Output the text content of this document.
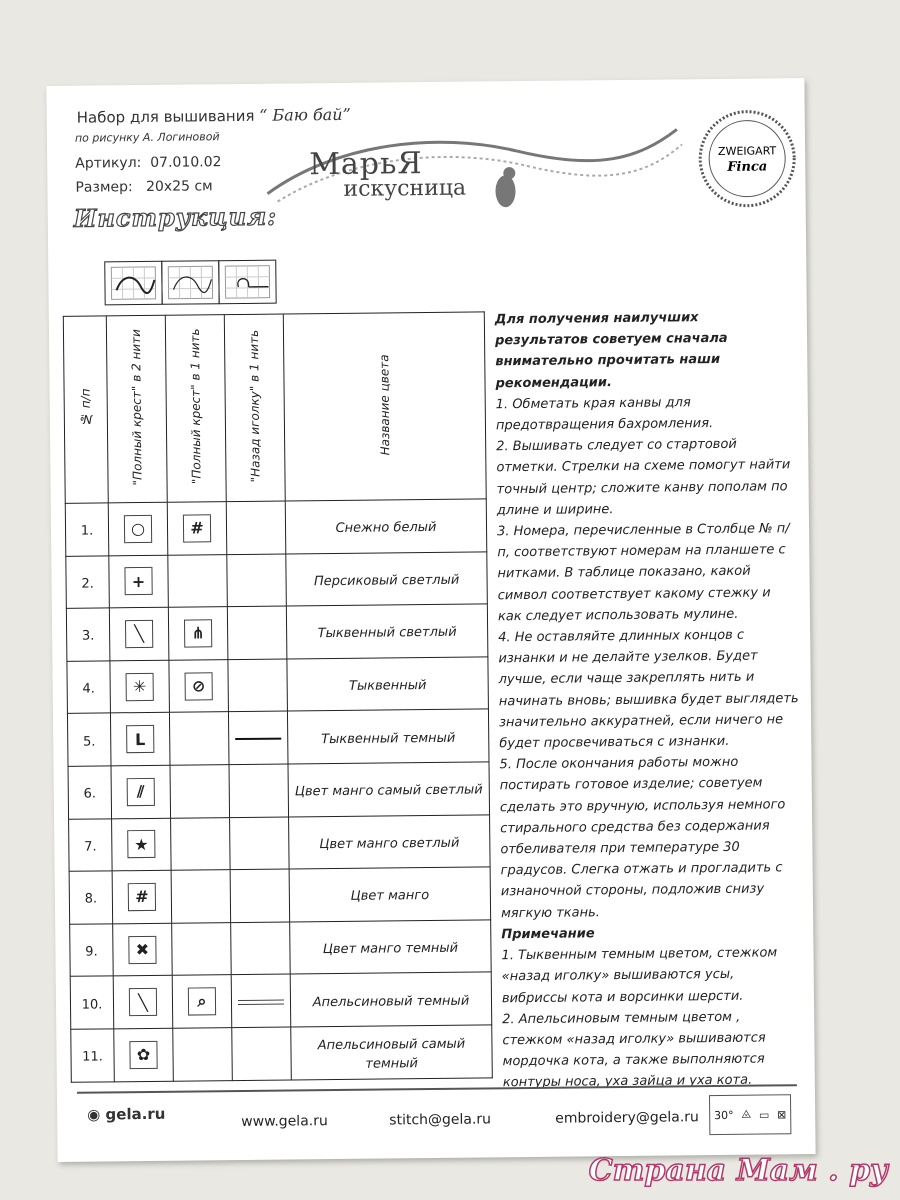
Набор для вышивания “ Баю бай”
по рисунку А. Логиновой
Артикул: 07.010.02
Размер: 20x25 см
МарьЯ
искусница
ZWEIGART
Finca
Инструкция:
№ п/п	"Полный крест" в 2 нити	"Полный крест" в 1 нить	"Назад иголку" в 1 нить	Название цвета
1.	○	#		Снежно белый
2.	+			Персиковый светлый
3.	╲	⋔		Тыквенный светлый
4.	✳	⊘		Тыквенный
5.	L			Тыквенный темный
6.	⫽			Цвет манго самый светлый
7.	★			Цвет манго светлый
8.	#			Цвет манго
9.	✖			Цвет манго темный
10.	╲	⌕		Апельсиновый темный
11.	✿			Апельсиновый самый темный

Для получения наилучших результатов советуем сначала внимательно прочитать наши рекомендации.

1. Обметать края канвы для предотвращения бахромления.

2. Вышивать следует со стартовой отметки. Стрелки на схеме помогут найти точный центр; сложите канву пополам по длине и ширине.

3. Номера, перечисленные в Столбце № п/п, соответствуют номерам на планшете с нитками. В таблице показано, какой символ соответствует какому стежку и как следует использовать мулине.

4. Не оставляйте длинных концов с изнанки и не делайте узелков. Будет лучше, если чаще закреплять нить и начинать вновь; вышивка будет выглядеть значительно аккуратней, если ничего не будет просвечиваться с изнанки.

5. После окончания работы можно постирать готовое изделие; советуем сделать это вручную, используя немного стирального средства без содержания отбеливателя при температуре 30 градусов. Слегка отжать и прогладить с изнаночной стороны, подложив снизу мягкую ткань.

Примечание

1. Тыквенным темным цветом, стежком «назад иголку» вышиваются усы, вибриссы кота и ворсинки шерсти.

2. Апельсиновым темным цветом , стежком «назад иголку» вышиваются мордочка кота, а также выполняются контуры носа, уха зайца и уха кота.

◉ gela.ru	www.gela.ru	stitch@gela.ru	embroidery@gela.ru 30° ⨻ ▭ ⊠
Страна Мам . ру
